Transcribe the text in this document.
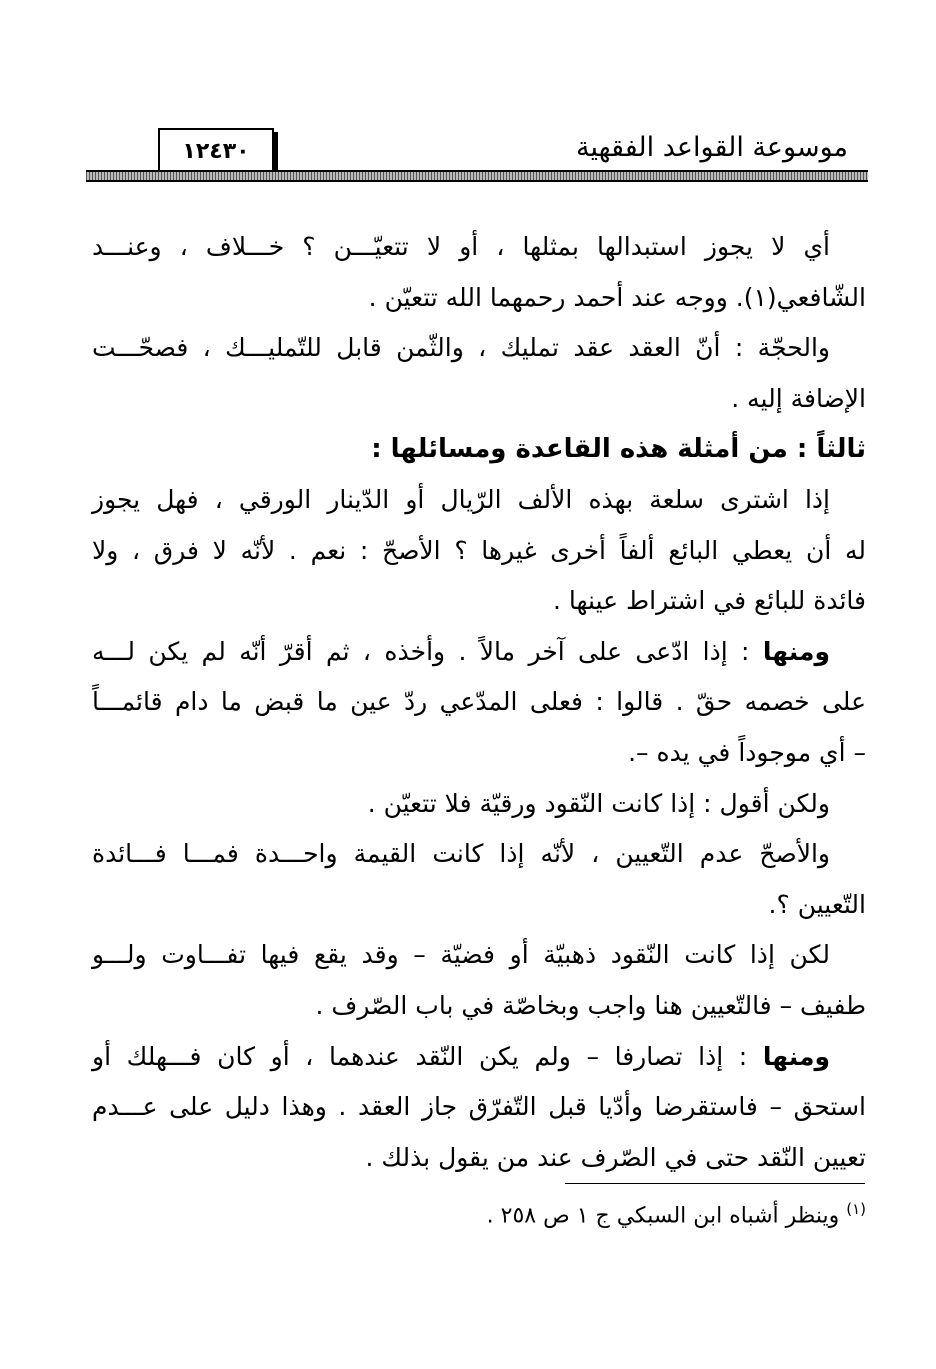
موسوعة القواعد الفقهية
١٢٤٣٠
أي لا يجوز استبدالها بمثلها ، أو لا تتعيّـــن ؟ خـــلاف ، وعنـــد
الشّافعي(١). ووجه عند أحمد رحمهما الله تتعيّن .
والحجّة : أنّ العقد عقد تمليك ، والثّمن قابل للتّمليـــك ، فصحّـــت
الإضافة إليه .
ثالثاً : من أمثلة هذه القاعدة ومسائلها :
إذا اشترى سلعة بهذه الألف الرّيال أو الدّينار الورقي ، فهل يجوز
له أن يعطي البائع ألفاً أخرى غيرها ؟ الأصحّ : نعم . لأنّه لا فرق ، ولا
فائدة للبائع في اشتراط عينها .
ومنها : إذا ادّعى على آخر مالاً . وأخذه ، ثم أقرّ أنّه لم يكن لـــه
على خصمه حقّ . قالوا : فعلى المدّعي ردّ عين ما قبض ما دام قائمـــاً
– أي موجوداً في يده –.
ولكن أقول : إذا كانت النّقود ورقيّة فلا تتعيّن .
والأصحّ عدم التّعيين ، لأنّه إذا كانت القيمة واحـــدة فمـــا فـــائدة
التّعيين ؟.
لكن إذا كانت النّقود ذهبيّة أو فضيّة – وقد يقع فيها تفـــاوت ولـــو
طفيف – فالتّعيين هنا واجب وبخاصّة في باب الصّرف .
ومنها : إذا تصارفا – ولم يكن النّقد عندهما ، أو كان فـــهلك أو
استحق – فاستقرضا وأدّيا قبل التّفرّق جاز العقد . وهذا دليل على عـــدم
تعيين النّقد حتى في الصّرف عند من يقول بذلك .
$^{(١)}$ وينظر أشباه ابن السبكي ج ١ ص ٢٥٨ .
